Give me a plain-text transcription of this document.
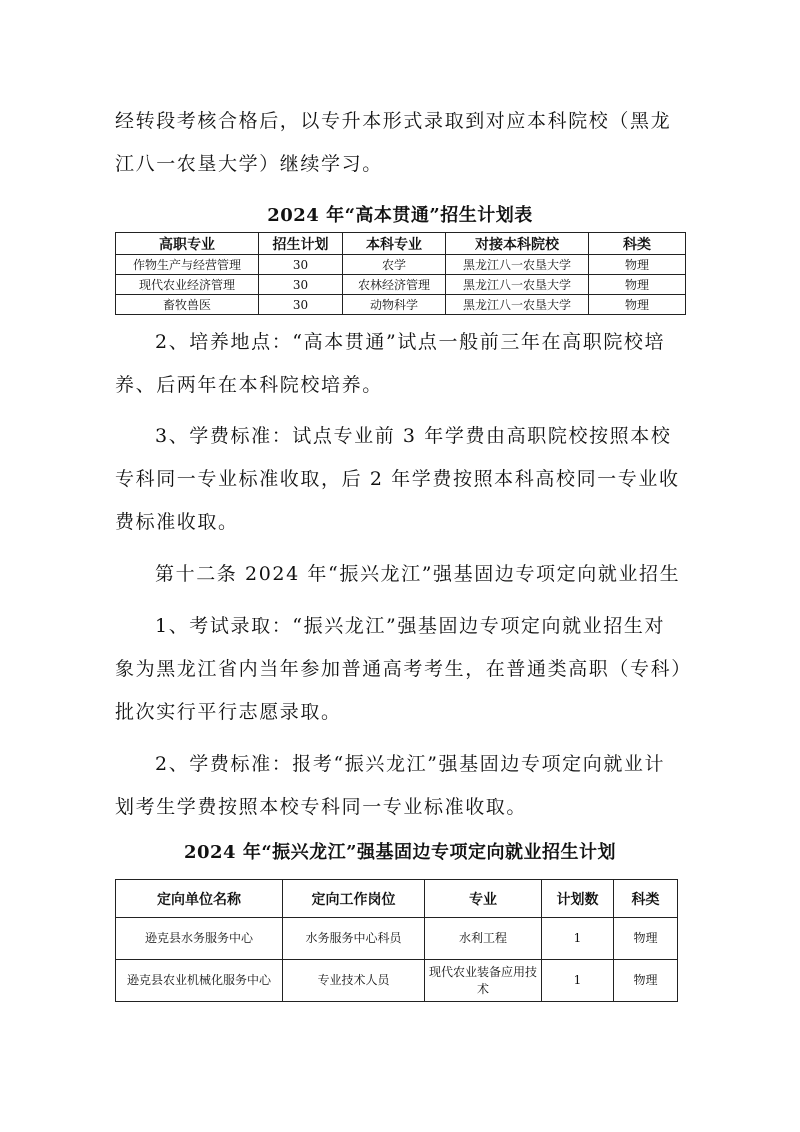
经转段考核合格后，以专升本形式录取到对应本科院校（黑龙江八一农垦大学）继续学习。

2024 年“高本贯通”招生计划表

高职专业	招生计划	本科专业	对接本科院校	科类
作物生产与经营管理	30	农学	黑龙江八一农垦大学	物理
现代农业经济管理	30	农林经济管理	黑龙江八一农垦大学	物理
畜牧兽医	30	动物科学	黑龙江八一农垦大学	物理

2、培养地点：“高本贯通”试点一般前三年在高职院校培养、后两年在本科院校培养。

3、学费标准：试点专业前 3 年学费由高职院校按照本校专科同一专业标准收取，后 2 年学费按照本科高校同一专业收费标准收取。

第十二条 2024 年“振兴龙江”强基固边专项定向就业招生

1、考试录取：“振兴龙江”强基固边专项定向就业招生对象为黑龙江省内当年参加普通高考考生，在普通类高职（专科）批次实行平行志愿录取。

2、学费标准：报考“振兴龙江”强基固边专项定向就业计划考生学费按照本校专科同一专业标准收取。

2024 年“振兴龙江”强基固边专项定向就业招生计划

定向单位名称	定向工作岗位	专业	计划数	科类
逊克县水务服务中心	水务服务中心科员	水利工程	1	物理
逊克县农业机械化服务中心	专业技术人员	现代农业装备应用技术	1	物理
